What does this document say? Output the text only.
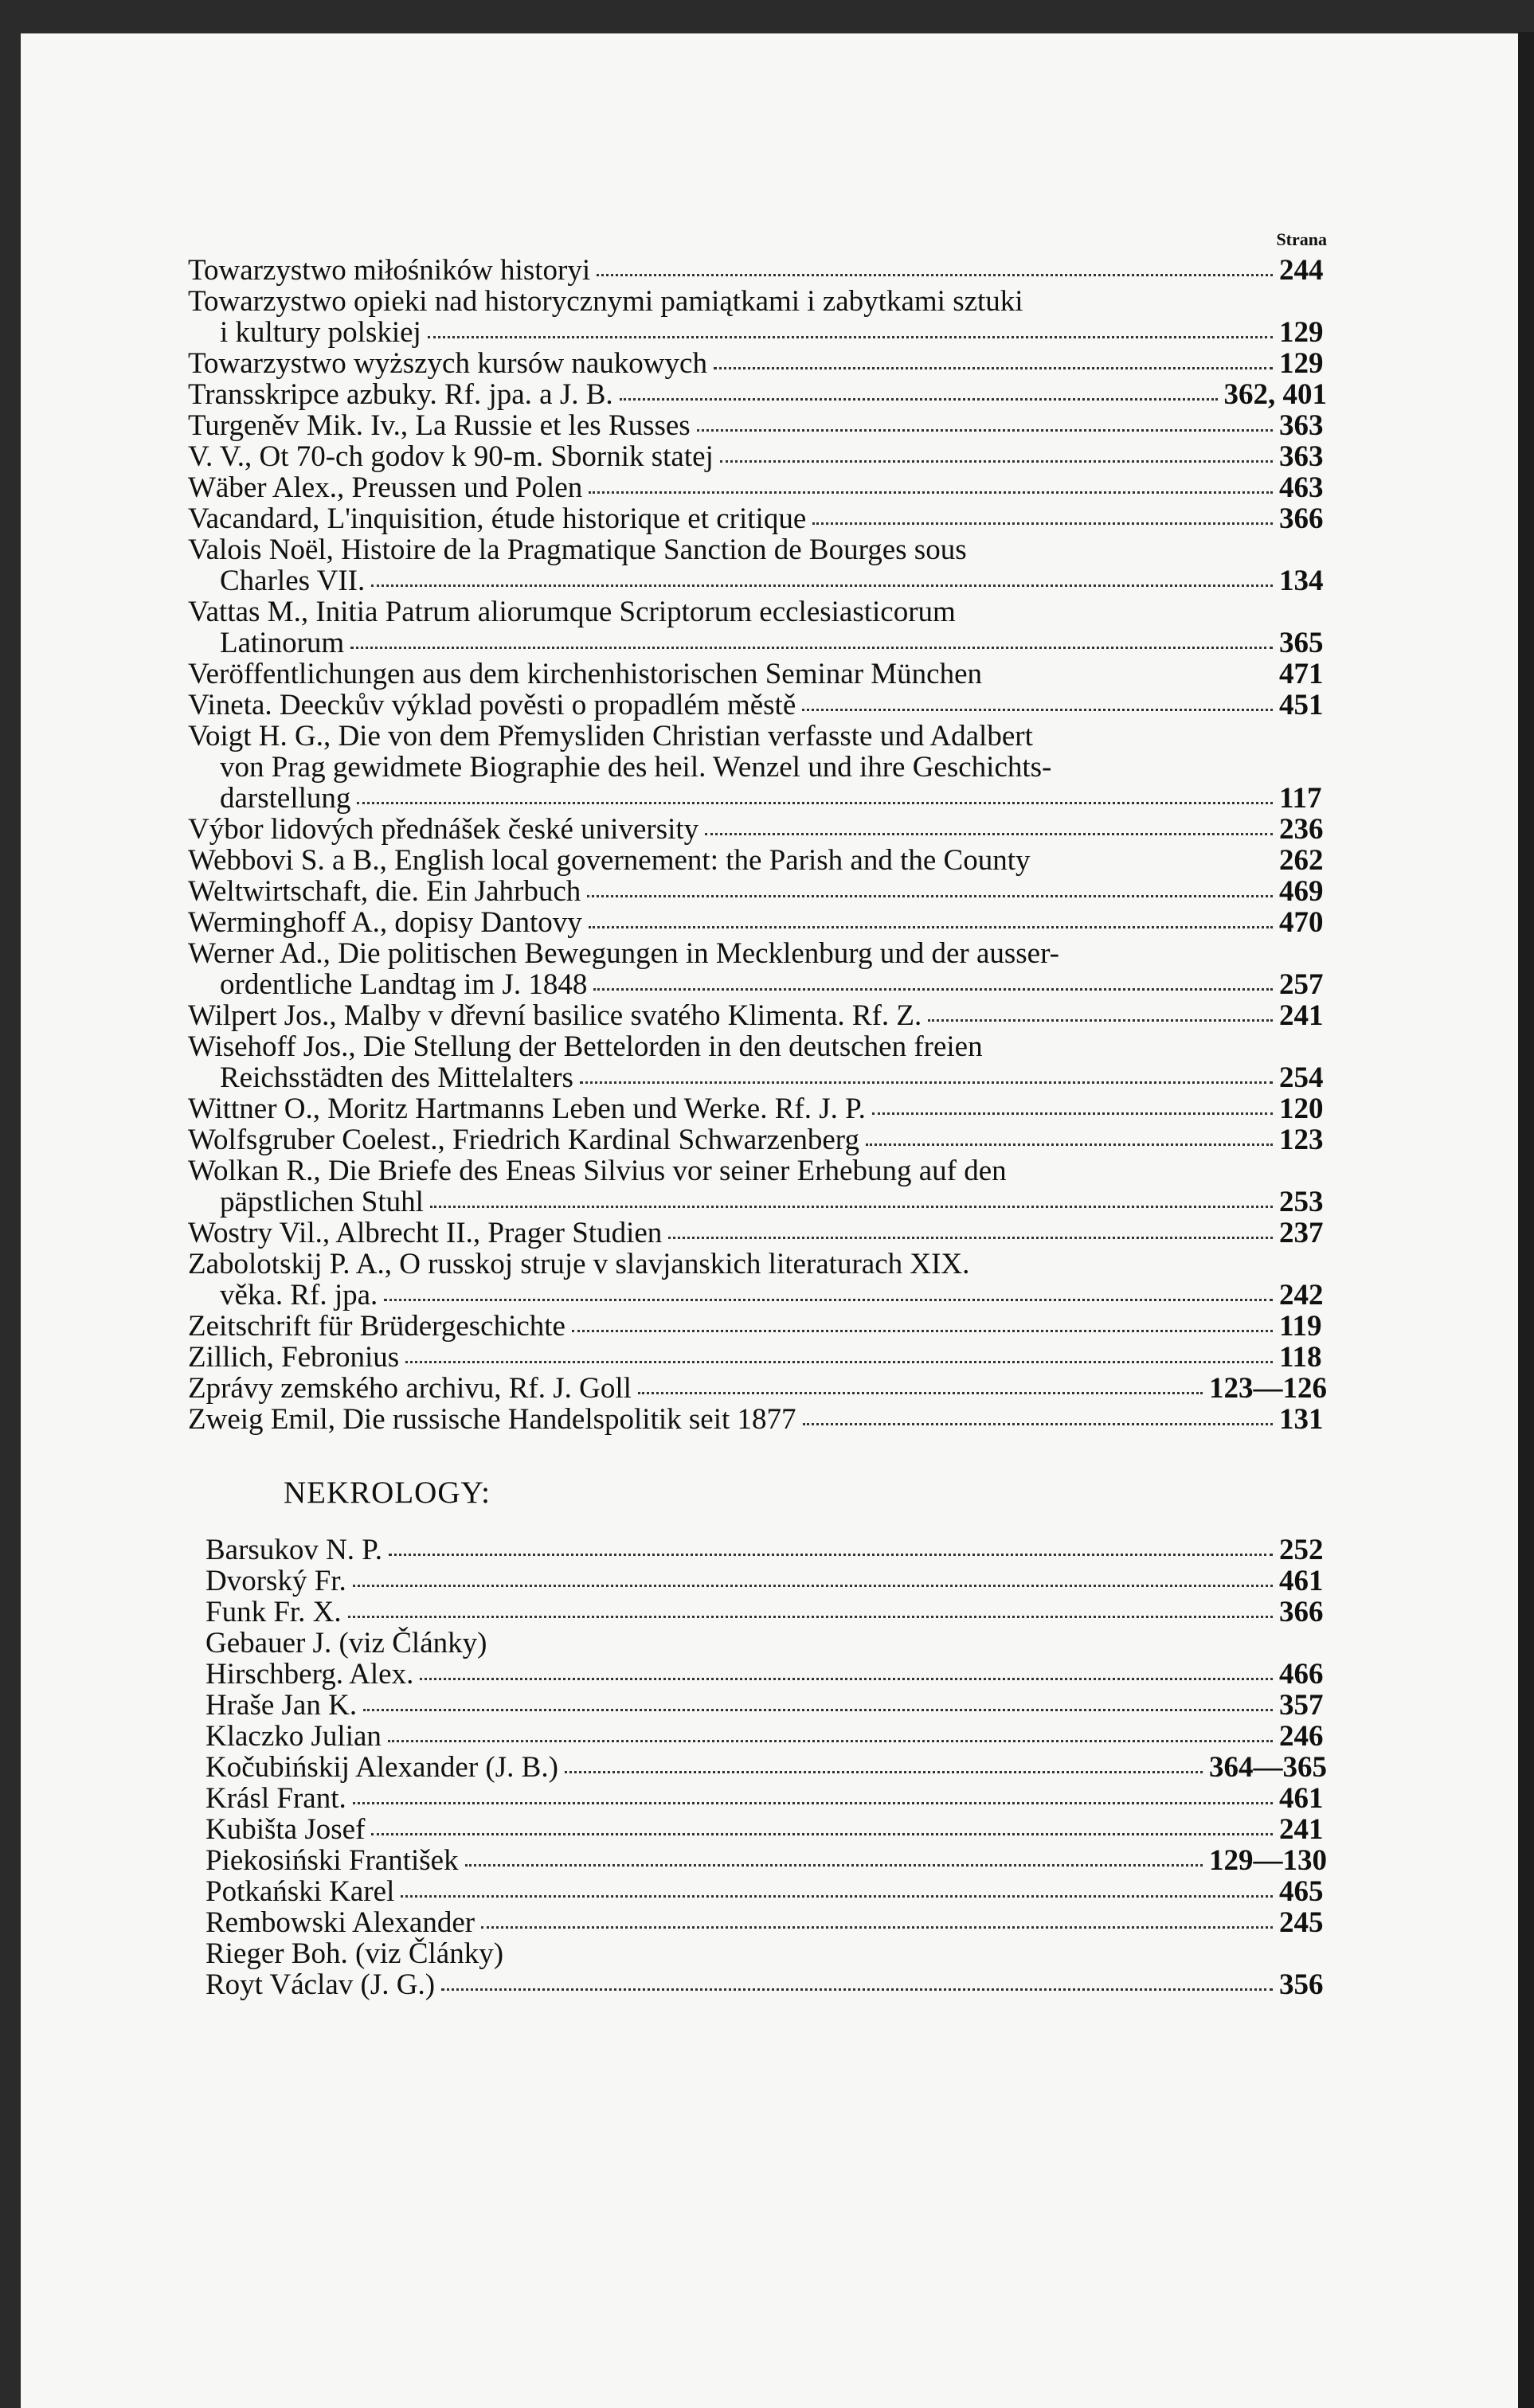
Strana
Towarzystwo miłośników historyi	244
Towarzystwo opieki nad historycznymi pamiątkami i zabytkami sztuki
i kultury polskiej	129
Towarzystwo wyższych kursów naukowych	129
Transskripce azbuky. Rf. jpa. a J. B.	362, 401
Turgeněv Mik. Iv., La Russie et les Russes	363
V. V., Ot 70-ch godov k 90-m. Sbornik statej	363
Wäber Alex., Preussen und Polen	463
Vacandard, L'inquisition, étude historique et critique	366
Valois Noël, Histoire de la Pragmatique Sanction de Bourges sous
Charles VII.	134
Vattas M., Initia Patrum aliorumque Scriptorum ecclesiasticorum
Latinorum	365
Veröffentlichungen aus dem kirchenhistorischen Seminar München	471
Vineta. Deeckův výklad pověsti o propadlém městě	451
Voigt H. G., Die von dem Přemysliden Christian verfasste und Adalbert
von Prag gewidmete Biographie des heil. Wenzel und ihre Geschichts-
darstellung	117
Výbor lidových přednášek české university	236
Webbovi S. a B., English local governement: the Parish and the County	262
Weltwirtschaft, die. Ein Jahrbuch	469
Werminghoff A., dopisy Dantovy	470
Werner Ad., Die politischen Bewegungen in Mecklenburg und der ausser-
ordentliche Landtag im J. 1848	257
Wilpert Jos., Malby v dřevní basilice svatého Klimenta. Rf. Z.	241
Wisehoff Jos., Die Stellung der Bettelorden in den deutschen freien
Reichsstädten des Mittelalters	254
Wittner O., Moritz Hartmanns Leben und Werke. Rf. J. P.	120
Wolfsgruber Coelest., Friedrich Kardinal Schwarzenberg	123
Wolkan R., Die Briefe des Eneas Silvius vor seiner Erhebung auf den
päpstlichen Stuhl	253
Wostry Vil., Albrecht II., Prager Studien	237
Zabolotskij P. A., O russkoj struje v slavjanskich literaturach XIX.
věka. Rf. jpa.	242
Zeitschrift für Brüdergeschichte	119
Zillich, Febronius	118
Zprávy zemského archivu, Rf. J. Goll	123—126
Zweig Emil, Die russische Handelspolitik seit 1877	131
NEKROLOGY:
Barsukov N. P.	252
Dvorský Fr.	461
Funk Fr. X.	366
Gebauer J. (viz Články)
Hirschberg. Alex.	466
Hraše Jan K.	357
Klaczko Julian	246
Kočubińskij Alexander (J. B.)	364—365
Krásl Frant.	461
Kubišta Josef	241
Piekosiński František	129—130
Potkański Karel	465
Rembowski Alexander	245
Rieger Boh. (viz Články)
Royt Václav (J. G.)	356
